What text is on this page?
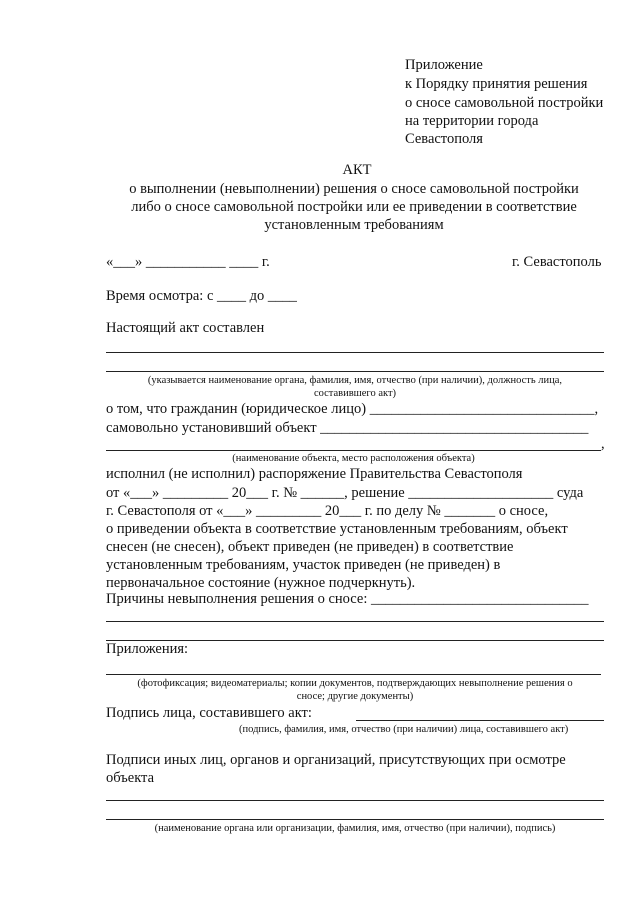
Приложение
к Порядку принятия решения
о сносе самовольной постройки
на территории города
Севастополя
АКТ
о выполнении (невыполнении) решения о сносе самовольной постройки
либо о сносе самовольной постройки или ее приведении в соответствие
установленным требованиям
«___» ___________ ____ г.	г. Севастополь
Время осмотра: с ____ до ____
Настоящий акт составлен
(указывается наименование органа, фамилия, имя, отчество (при наличии), должность лица,
составившего акт)
о том, что гражданин (юридическое лицо) _______________________________,
самовольно установивший объект _____________________________________
,
(наименование объекта, место расположения объекта)
исполнил (не исполнил) распоряжение Правительства Севастополя
от «___» _________ 20___ г. № ______, решение ____________________ суда
г. Севастополя от «___» _________ 20___ г. по делу № _______ о сносе,
о приведении объекта в соответствие установленным требованиям, объект
снесен (не снесен), объект приведен (не приведен) в соответствие
установленным требованиям, участок приведен (не приведен) в
первоначальное состояние (нужное подчеркнуть).
Причины невыполнения решения о сносе: ______________________________
Приложения:
(фотофиксация; видеоматериалы; копии документов, подтверждающих невыполнение решения о
сносе; другие документы)
Подпись лица, составившего акт:
(подпись, фамилия, имя, отчество (при наличии) лица, составившего акт)
Подписи иных лиц, органов и организаций, присутствующих при осмотре
объекта
(наименование органа или организации, фамилия, имя, отчество (при наличии), подпись)
